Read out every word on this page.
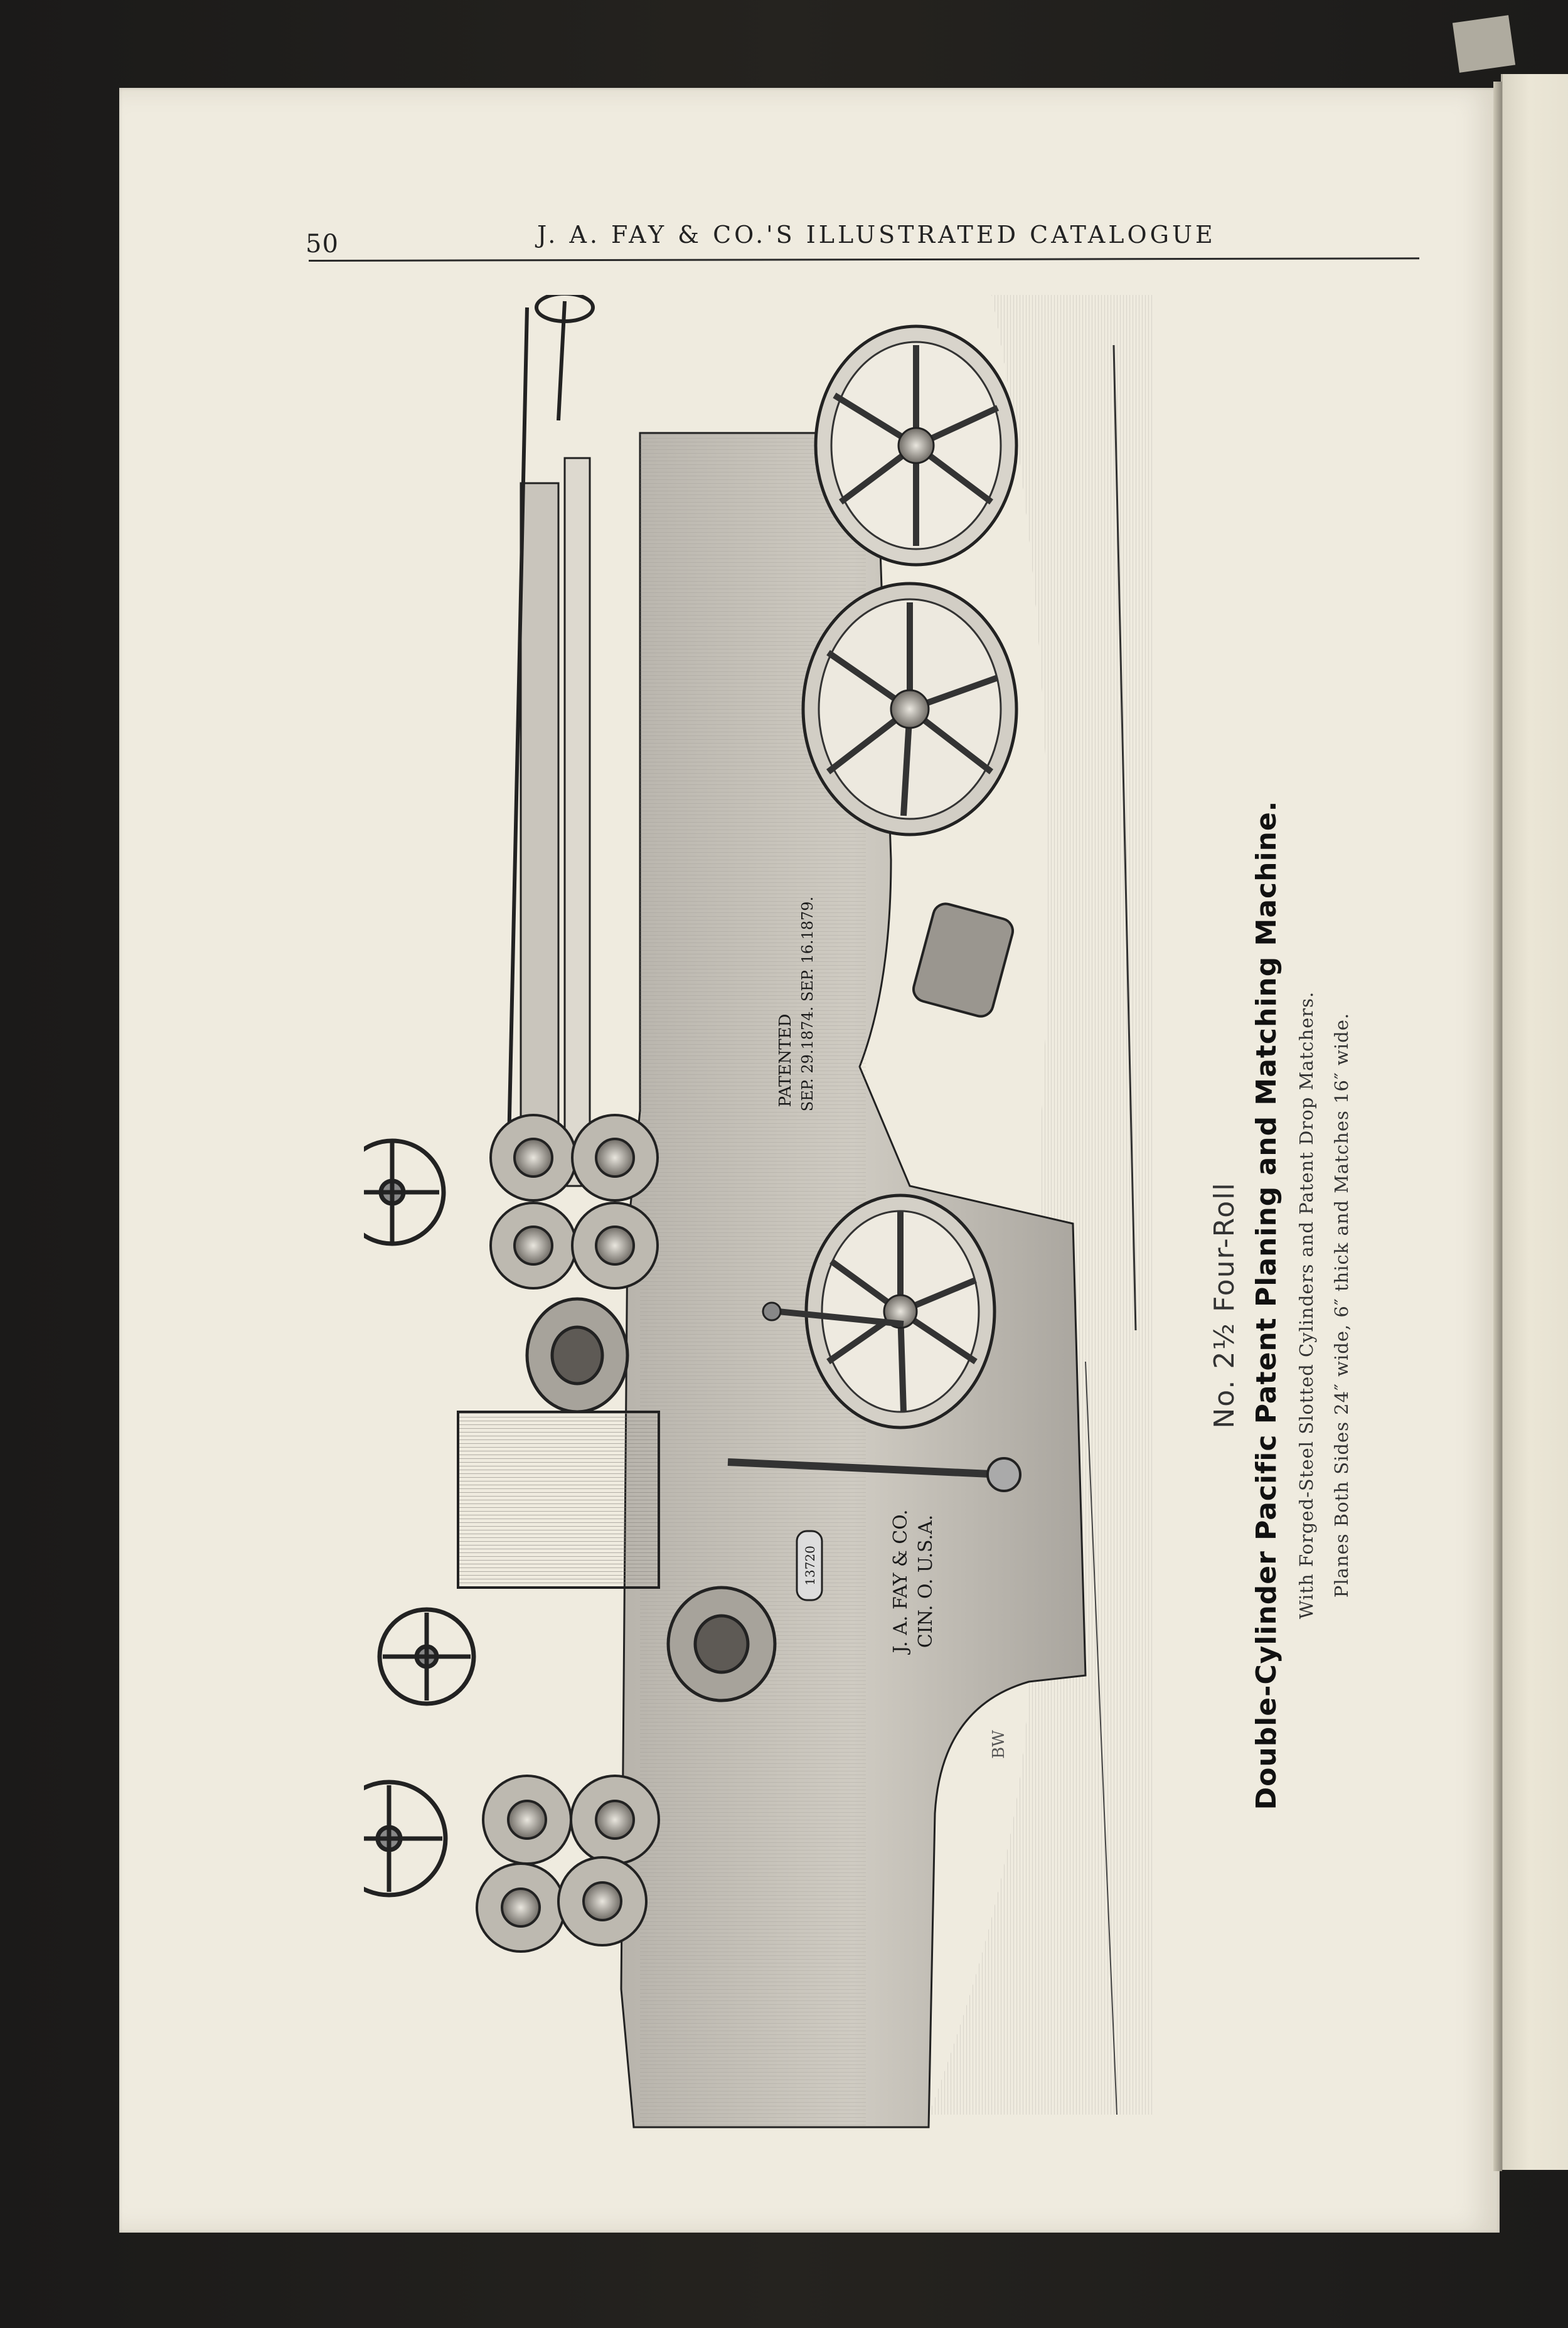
50	J. A. FAY & CO.'S ILLUSTRATED CATALOGUE
PATENTED SEP. 29.1874. SEP. 16.1879.
J. A. FAY & CO. CIN. O. U.S.A.
13720
BW
No. 2½ Four-Roll Double-Cylinder Pacific Patent Planing and Matching Machine. With Forged-Steel Slotted Cylinders and Patent Drop Matchers. Planes Both Sides 24″ wide, 6″ thick and Matches 16″ wide.
